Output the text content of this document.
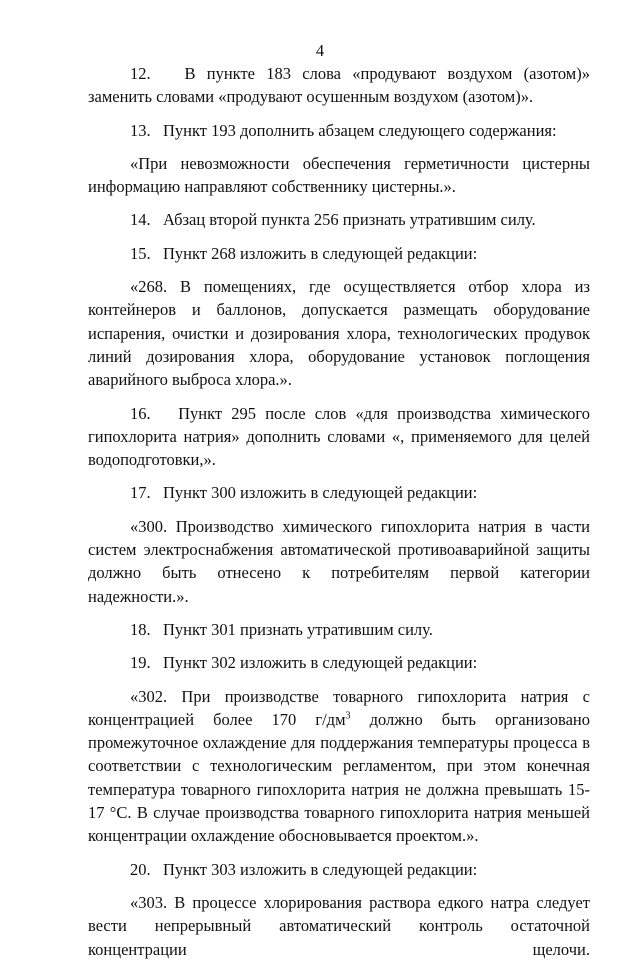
4

12.   В пункте 183 слова «продувают воздухом (азотом)» заменить словами «продувают осушенным воздухом (азотом)».

13.   Пункт 193 дополнить абзацем следующего содержания:

«При невозможности обеспечения герметичности цистерны информацию направляют собственнику цистерны.».

14.   Абзац второй пункта 256 признать утратившим силу.

15.   Пункт 268 изложить в следующей редакции:

«268. В помещениях, где осуществляется отбор хлора из контейнеров и баллонов, допускается размещать оборудование испарения, очистки и дозирования хлора, технологических продувок линий дозирования хлора, оборудование установок поглощения аварийного выброса хлора.».

16.   Пункт 295 после слов «для производства химического гипохлорита натрия» дополнить словами «, применяемого для целей водоподготовки,».

17.   Пункт 300 изложить в следующей редакции:

«300. Производство химического гипохлорита натрия в части систем электроснабжения автоматической противоаварийной защиты должно быть отнесено к потребителям первой категории надежности.».

18.   Пункт 301 признать утратившим силу.

19.   Пункт 302 изложить в следующей редакции:

«302. При производстве товарного гипохлорита натрия с концентрацией более 170 $г/дм^3$ должно быть организовано промежуточное охлаждение для поддержания температуры процесса в соответствии с технологическим регламентом, при этом конечная температура товарного гипохлорита натрия не должна превышать 15-17 °С. В случае производства товарного гипохлорита натрия меньшей концентрации охлаждение обосновывается проектом.».

20.   Пункт 303 изложить в следующей редакции:

«303. В процессе хлорирования раствора едкого натра следует вести непрерывный автоматический контроль остаточной концентрации щелочи.
